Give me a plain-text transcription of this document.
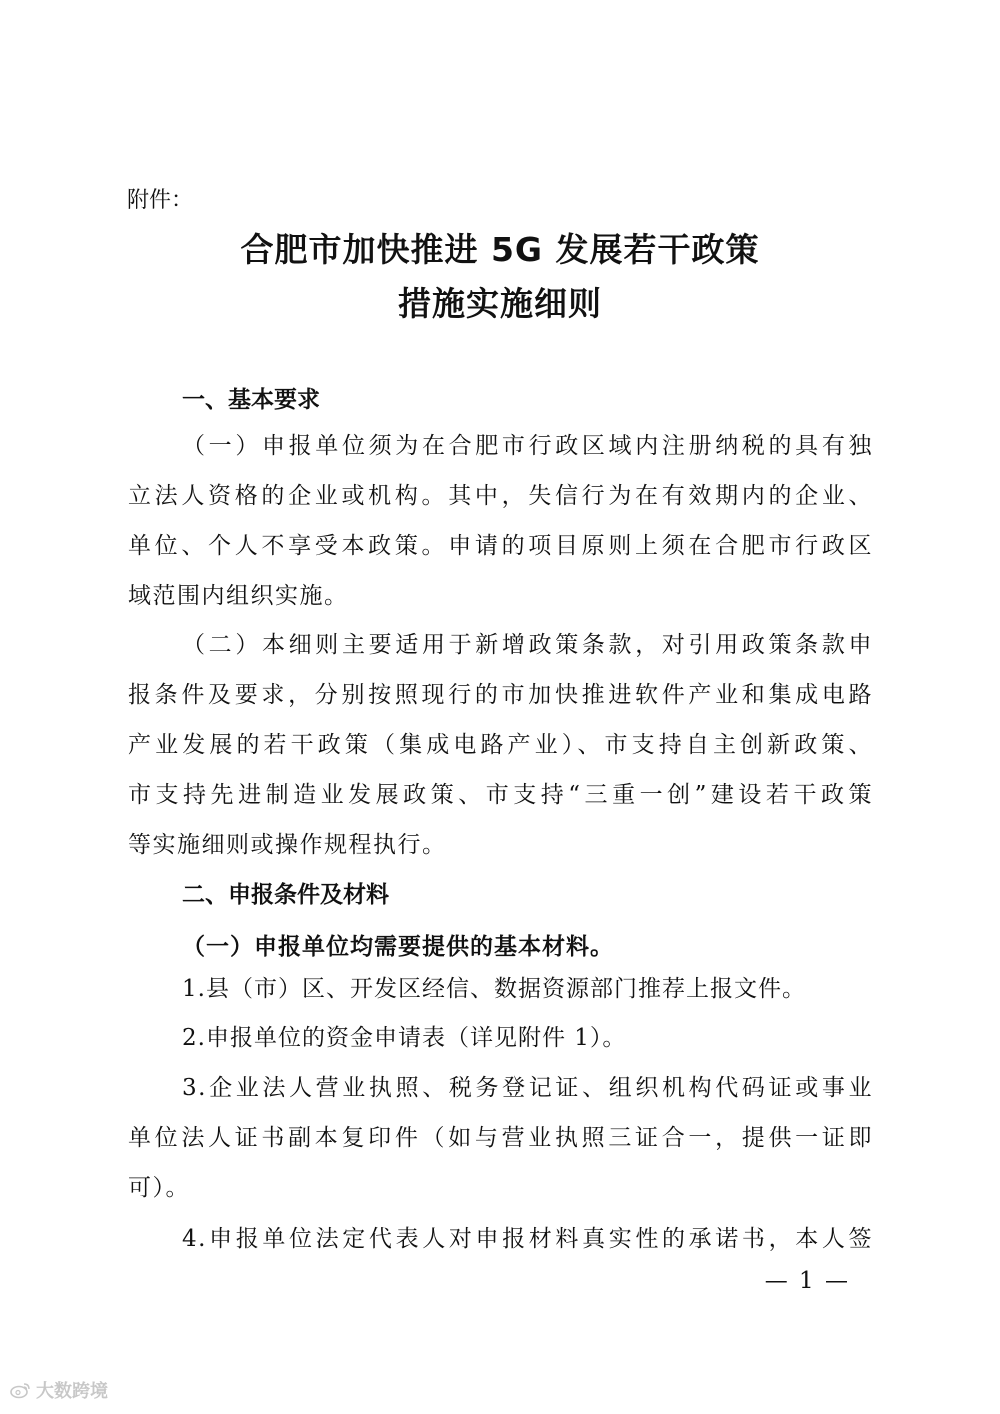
附件：
合肥市加快推进 5G 发展若干政策
措施实施细则
一、基本要求
（一）申报单位须为在合肥市行政区域内注册纳税的具有独
立法人资格的企业或机构。其中，失信行为在有效期内的企业、
单位、个人不享受本政策。申请的项目原则上须在合肥市行政区
域范围内组织实施。
（二）本细则主要适用于新增政策条款，对引用政策条款申
报条件及要求，分别按照现行的市加快推进软件产业和集成电路
产业发展的若干政策（集成电路产业）、市支持自主创新政策、
市支持先进制造业发展政策、市支持“三重一创”建设若干政策
等实施细则或操作规程执行。
二、申报条件及材料
（一）申报单位均需要提供的基本材料。
1.县（市）区、开发区经信、数据资源部门推荐上报文件。
2.申报单位的资金申请表（详见附件 1）。
3.企业法人营业执照、税务登记证、组织机构代码证或事业
单位法人证书副本复印件（如与营业执照三证合一，提供一证即
可）。
4.申报单位法定代表人对申报材料真实性的承诺书，本人签
— 1 —
大数跨境
